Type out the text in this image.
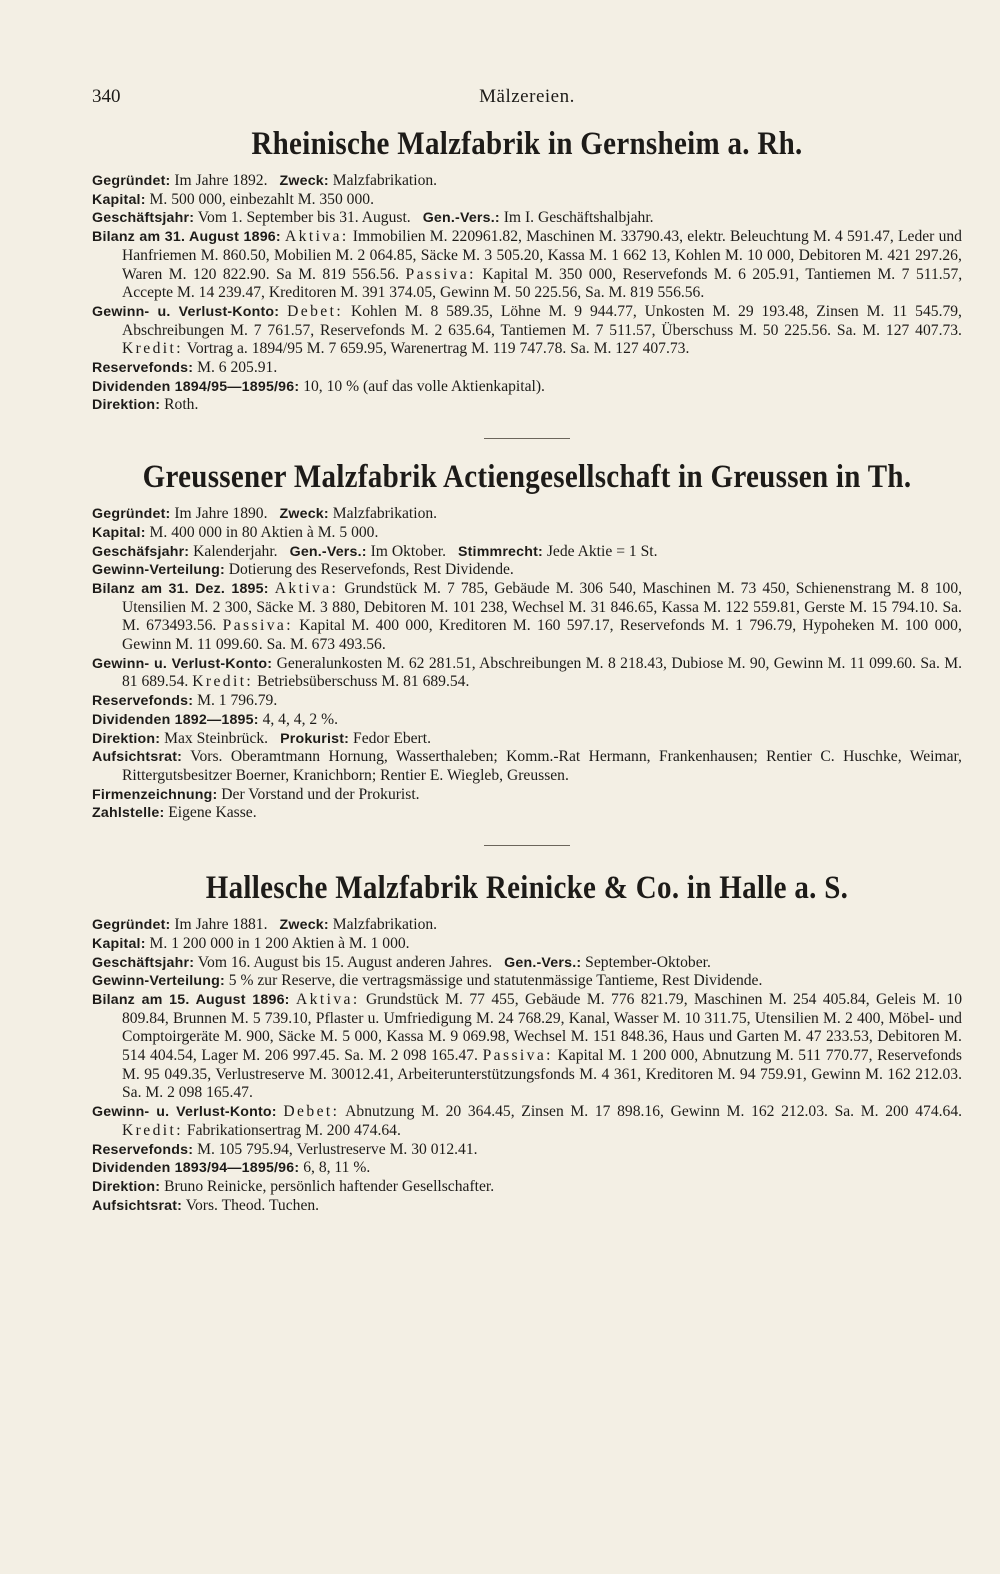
340	Mälzereien.
Rheinische Malzfabrik in Gernsheim a. Rh.

Gegründet: Im Jahre 1892. Zweck: Malzfabrikation.

Kapital: M. 500 000, einbezahlt M. 350 000.

Geschäftsjahr: Vom 1. September bis 31. August. Gen.-Vers.: Im I. Geschäftshalbjahr.

Bilanz am 31. August 1896: Aktiva: Immobilien M. 220961.82, Maschinen M. 33790.43, elektr. Beleuchtung M. 4 591.47, Leder und Hanfriemen M. 860.50, Mobilien M. 2 064.85, Säcke M. 3 505.20, Kassa M. 1 662 13, Kohlen M. 10 000, Debitoren M. 421 297.26, Waren M. 120 822.90. Sa M. 819 556.56. Passiva: Kapital M. 350 000, Reservefonds M. 6 205.91, Tantiemen M. 7 511.57, Accepte M. 14 239.47, Kreditoren M. 391 374.05, Gewinn M. 50 225.56, Sa. M. 819 556.56.

Gewinn- u. Verlust-Konto: Debet: Kohlen M. 8 589.35, Löhne M. 9 944.77, Unkosten M. 29 193.48, Zinsen M. 11 545.79, Abschreibungen M. 7 761.57, Reservefonds M. 2 635.64, Tantiemen M. 7 511.57, Überschuss M. 50 225.56. Sa. M. 127 407.73. Kredit: Vortrag a. 1894/95 M. 7 659.95, Warenertrag M. 119 747.78. Sa. M. 127 407.73.

Reservefonds: M. 6 205.91.

Dividenden 1894/95—1895/96: 10, 10 % (auf das volle Aktienkapital).

Direktion: Roth.

Greussener Malzfabrik Actiengesellschaft in Greussen in Th.

Gegründet: Im Jahre 1890. Zweck: Malzfabrikation.

Kapital: M. 400 000 in 80 Aktien à M. 5 000.

Geschäfsjahr: Kalenderjahr. Gen.-Vers.: Im Oktober. Stimmrecht: Jede Aktie = 1 St.

Gewinn-Verteilung: Dotierung des Reservefonds, Rest Dividende.

Bilanz am 31. Dez. 1895: Aktiva: Grundstück M. 7 785, Gebäude M. 306 540, Maschinen M. 73 450, Schienenstrang M. 8 100, Utensilien M. 2 300, Säcke M. 3 880, Debitoren M. 101 238, Wechsel M. 31 846.65, Kassa M. 122 559.81, Gerste M. 15 794.10. Sa. M. 673493.56. Passiva: Kapital M. 400 000, Kreditoren M. 160 597.17, Reservefonds M. 1 796.79, Hypoheken M. 100 000, Gewinn M. 11 099.60. Sa. M. 673 493.56.

Gewinn- u. Verlust-Konto: Generalunkosten M. 62 281.51, Abschreibungen M. 8 218.43, Dubiose M. 90, Gewinn M. 11 099.60. Sa. M. 81 689.54. Kredit: Betriebsüberschuss M. 81 689.54.

Reservefonds: M. 1 796.79.

Dividenden 1892—1895: 4, 4, 4, 2 %.

Direktion: Max Steinbrück. Prokurist: Fedor Ebert.

Aufsichtsrat: Vors. Oberamtmann Hornung, Wasserthaleben; Komm.-Rat Hermann, Frankenhausen; Rentier C. Huschke, Weimar, Rittergutsbesitzer Boerner, Kranichborn; Rentier E. Wiegleb, Greussen.

Firmenzeichnung: Der Vorstand und der Prokurist.

Zahlstelle: Eigene Kasse.

Hallesche Malzfabrik Reinicke & Co. in Halle a. S.

Gegründet: Im Jahre 1881. Zweck: Malzfabrikation.

Kapital: M. 1 200 000 in 1 200 Aktien à M. 1 000.

Geschäftsjahr: Vom 16. August bis 15. August anderen Jahres. Gen.-Vers.: September-Oktober.

Gewinn-Verteilung: 5 % zur Reserve, die vertragsmässige und statutenmässige Tantieme, Rest Dividende.

Bilanz am 15. August 1896: Aktiva: Grundstück M. 77 455, Gebäude M. 776 821.79, Maschinen M. 254 405.84, Geleis M. 10 809.84, Brunnen M. 5 739.10, Pflaster u. Umfriedigung M. 24 768.29, Kanal, Wasser M. 10 311.75, Utensilien M. 2 400, Möbel- und Comptoirgeräte M. 900, Säcke M. 5 000, Kassa M. 9 069.98, Wechsel M. 151 848.36, Haus und Garten M. 47 233.53, Debitoren M. 514 404.54, Lager M. 206 997.45. Sa. M. 2 098 165.47. Passiva: Kapital M. 1 200 000, Abnutzung M. 511 770.77, Reservefonds M. 95 049.35, Verlustreserve M. 30012.41, Arbeiterunterstützungsfonds M. 4 361, Kreditoren M. 94 759.91, Gewinn M. 162 212.03. Sa. M. 2 098 165.47.

Gewinn- u. Verlust-Konto: Debet: Abnutzung M. 20 364.45, Zinsen M. 17 898.16, Gewinn M. 162 212.03. Sa. M. 200 474.64. Kredit: Fabrikationsertrag M. 200 474.64.

Reservefonds: M. 105 795.94, Verlustreserve M. 30 012.41.

Dividenden 1893/94—1895/96: 6, 8, 11 %.

Direktion: Bruno Reinicke, persönlich haftender Gesellschafter.

Aufsichtsrat: Vors. Theod. Tuchen.
